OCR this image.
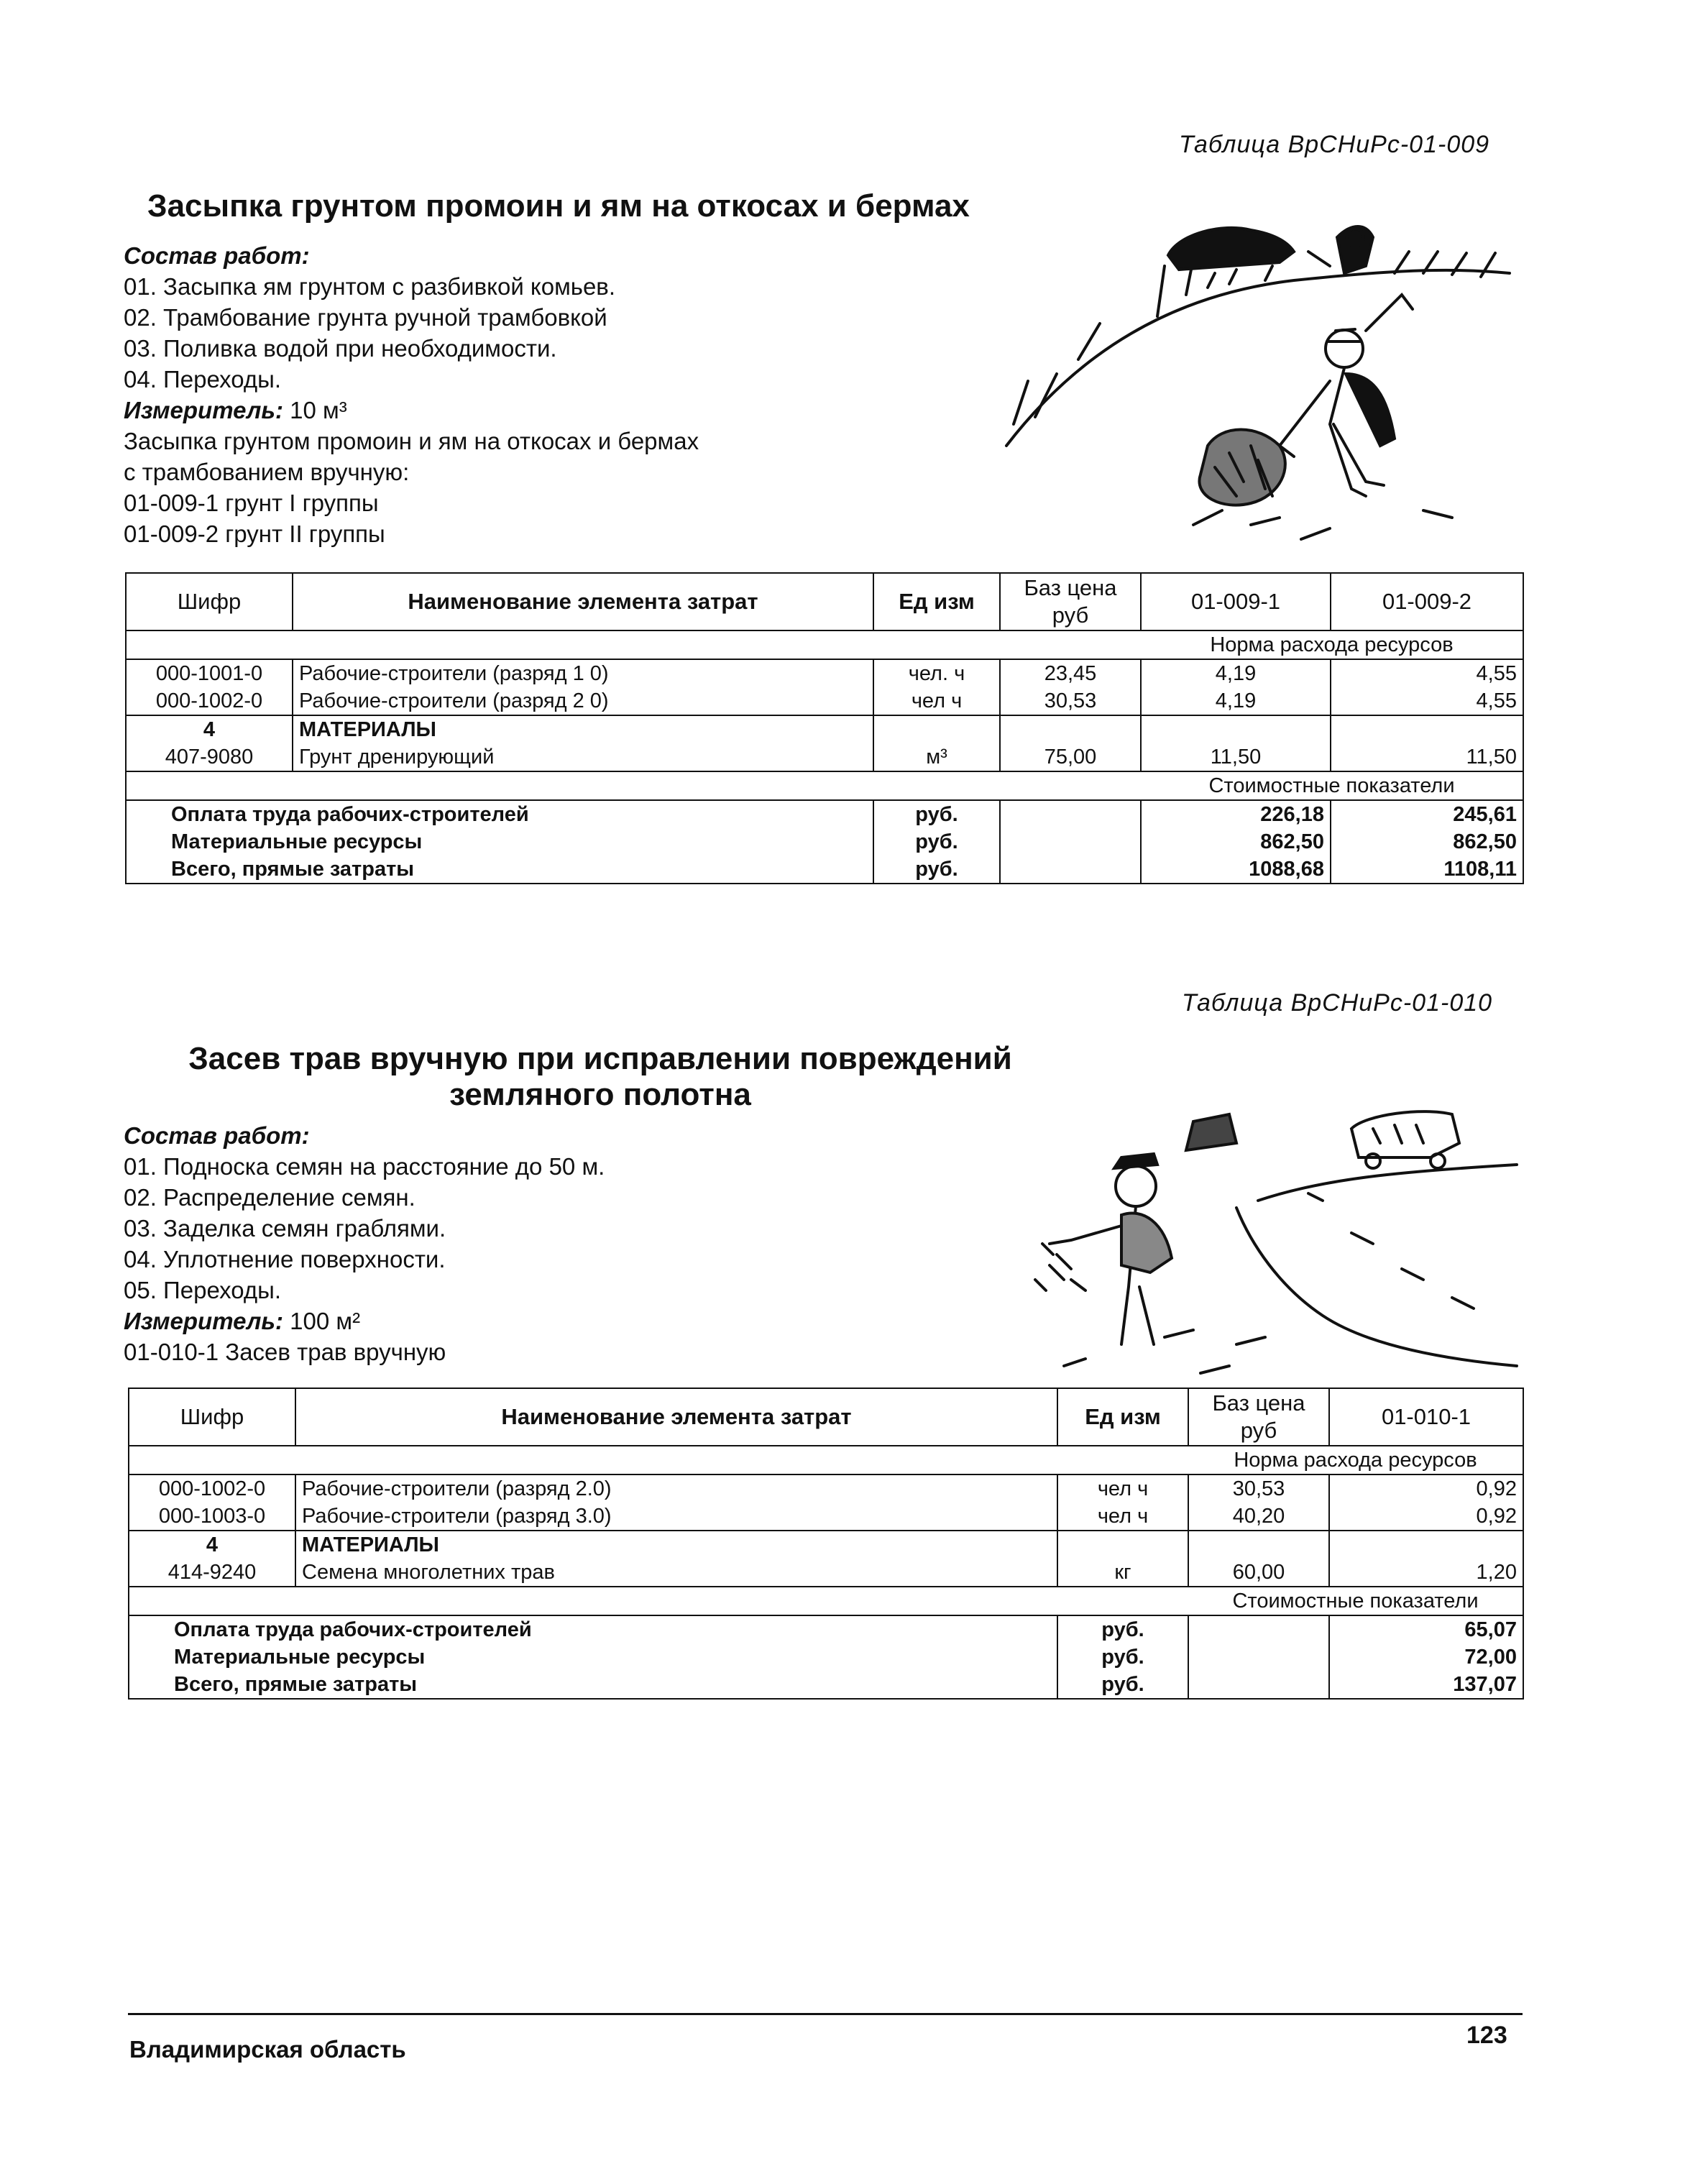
Таблица ВрСНиРс-01-009
Засыпка грунтом промоин и ям на откосах и бермах
Состав работ:
01. Засыпка ям грунтом с разбивкой комьев.
02. Трамбование грунта ручной трамбовкой
03. Поливка водой при необходимости.
04. Переходы.
Измеритель: 10 м³
Засыпка грунтом промоин и ям на откосах и бермах
с трамбованием вручную:
01-009-1 грунт I группы
01-009-2 грунт II группы
Шифр	Наименование элемента затрат	Ед изм	Баз цена руб	01-009-1	01-009-2
				Норма расхода ресурсов	
000-1001-0	Рабочие-строители (разряд 1 0)	чел. ч	23,45	4,19	4,55
000-1002-0	Рабочие-строители (разряд 2 0)	чел ч	30,53	4,19	4,55
4	МАТЕРИАЛЫ				
407-9080	Грунт дренирующий	м³	75,00	11,50	11,50
				Стоимостные показатели	
Оплата труда рабочих-строителей		руб.		226,18	245,61
Материальные ресурсы		руб.		862,50	862,50
Всего, прямые затраты		руб.		1088,68	1108,11
Таблица ВрСНиРс-01-010
Засев трав вручную при исправлении повреждений
земляного полотна
Состав работ:
01. Подноска семян на расстояние до 50 м.
02. Распределение семян.
03. Заделка семян граблями.
04. Уплотнение поверхности.
05. Переходы.
Измеритель: 100 м²
01-010-1 Засев трав вручную
Шифр	Наименование элемента затрат	Ед изм	Баз цена руб	01-010-1
			Норма расхода ресурсов	
000-1002-0	Рабочие-строители (разряд 2.0)	чел ч	30,53	0,92
000-1003-0	Рабочие-строители (разряд 3.0)	чел ч	40,20	0,92
4	МАТЕРИАЛЫ			
414-9240	Семена многолетних трав	кг	60,00	1,20
			Стоимостные показатели	
Оплата труда рабочих-строителей		руб.		65,07
Материальные ресурсы		руб.		72,00
Всего, прямые затраты		руб.		137,07
Владимирская область
123
